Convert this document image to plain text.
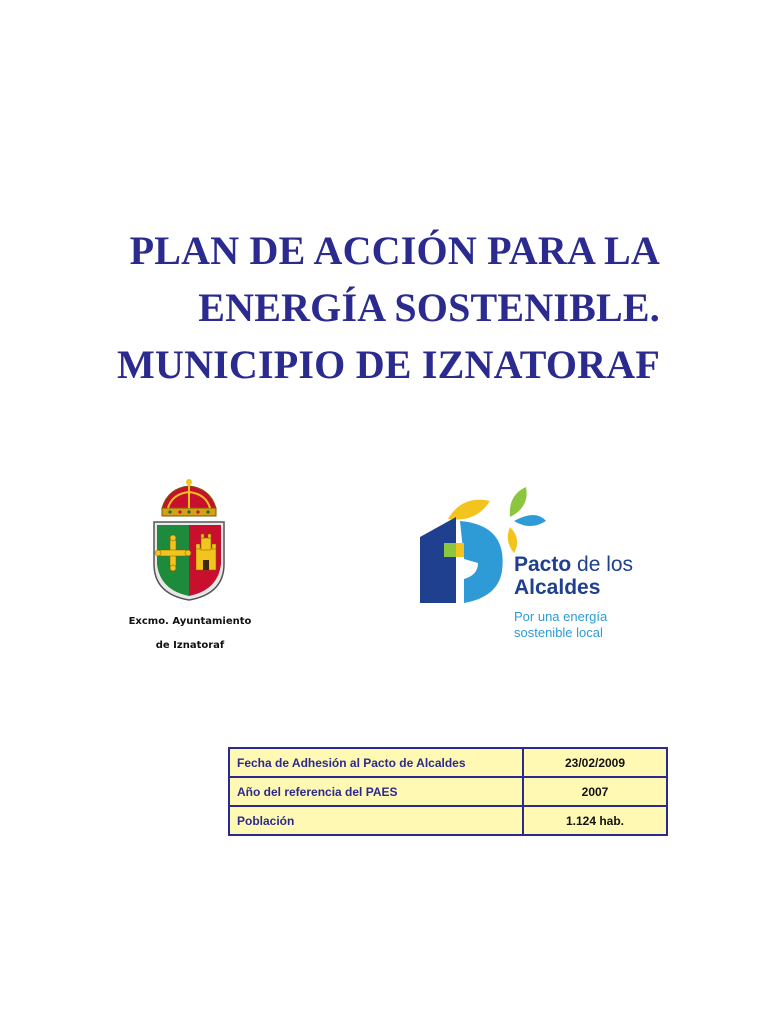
PLAN DE ACCIÓN PARA LA
ENERGÍA SOSTENIBLE.
MUNICIPIO DE IZNATORAF
Excmo. Ayuntamiento
de Iznatoraf
Pacto de los
Alcaldes
Por una energía
sostenible local
Fecha de Adhesión al Pacto de Alcaldes	23/02/2009
Año del referencia del PAES	2007
Población	1.124 hab.
